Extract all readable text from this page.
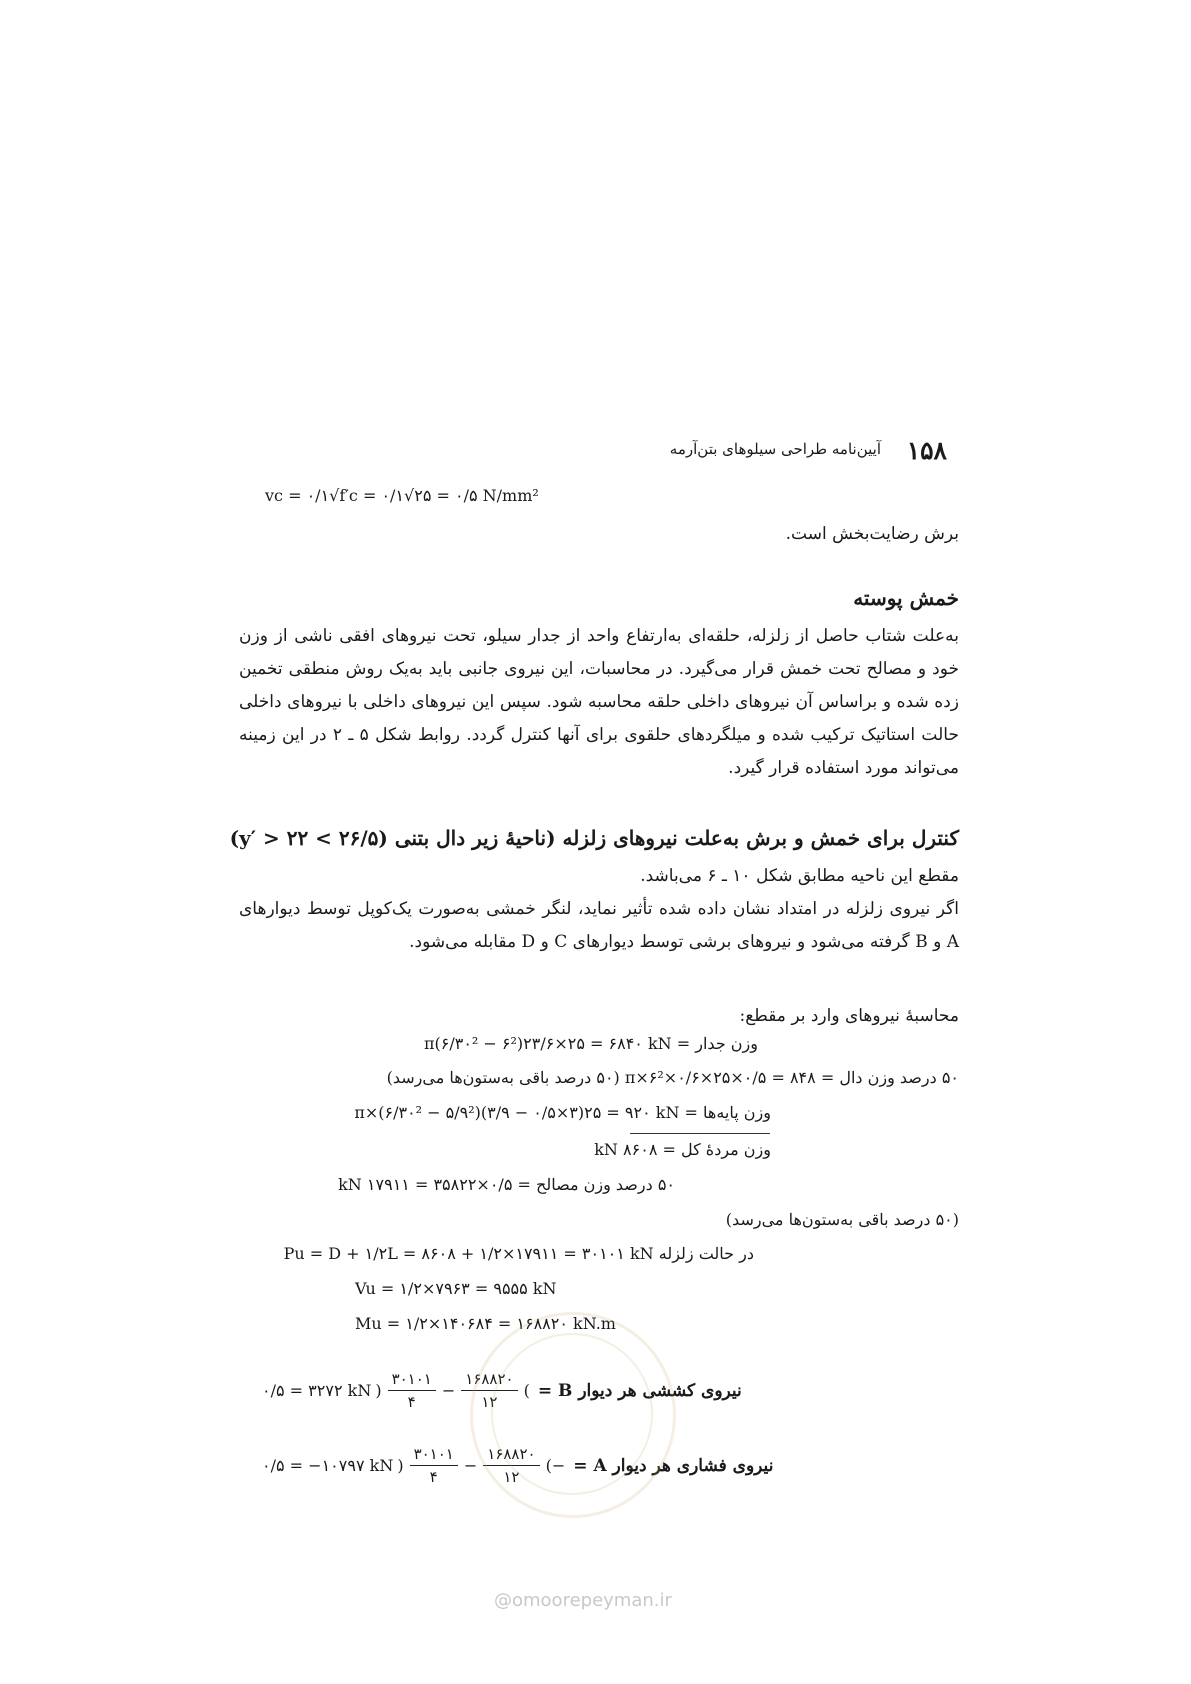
۱۵۸
آیین‌نامه طراحی سیلوهای بتن‌آرمه
vc = ۰/۱√f′c = ۰/۱√۲۵ = ۰/۵ N/mm²
برش رضایت‌بخش است.
خمش پوسته
به‌علت شتاب حاصل از زلزله، حلقه‌ای به‌ارتفاع واحد از جدار سیلو، تحت نیروهای افقی ناشی از وزن خود و مصالح تحت خمش قرار می‌گیرد. در محاسبات، این نیروی جانبی باید به‌یک روش منطقی تخمین زده شده و براساس آن نیروهای داخلی حلقه محاسبه شود. سپس این نیروهای داخلی با نیروهای داخلی حالت استاتیک ترکیب شده و میلگردهای حلقوی برای آنها کنترل گردد. روابط شکل ۵ ـ ۲ در این زمینه می‌تواند مورد استفاده قرار گیرد.
کنترل برای خمش و برش به‌علت نیروهای زلزله (ناحیهٔ زیر دال بتنی (۲۶/۵ > y′ > ۲۲)
مقطع این ناحیه مطابق شکل ۱۰ ـ ۶ می‌باشد.
اگر نیروی زلزله در امتداد نشان داده شده تأثیر نماید، لنگر خمشی به‌صورت یک‌کوپل توسط دیوارهای A و B گرفته می‌شود و نیروهای برشی توسط دیوارهای C و D مقابله می‌شود.
محاسبهٔ نیروهای وارد بر مقطع:
وزن جدار = π(۶/۳۰² − ۶²)۲۳/۶×۲۵ = ۶۸۴۰ kN
۵۰ درصد وزن دال = π×۶²×۰/۶×۲۵×۰/۵ = ۸۴۸ (۵۰ درصد باقی به‌ستون‌ها می‌رسد)
وزن پایه‌ها = π×(۶/۳۰² − ۵/۹²)(۳/۹ − ۰/۵×۳)۲۵ = ۹۲۰ kN
وزن مردهٔ کل = ۸۶۰۸ kN
۵۰ درصد وزن مصالح = ۰/۵×۳۵۸۲۲ = ۱۷۹۱۱ kN
(۵۰ درصد باقی به‌ستون‌ها می‌رسد)
در حالت زلزله Pu = D + ۱/۲L = ۸۶۰۸ + ۱/۲×۱۷۹۱۱ = ۳۰۱۰۱ kN
Vu = ۱/۲×۷۹۶۳ = ۹۵۵۵ kN
Mu = ۱/۲×۱۴۰۶۸۴ = ۱۶۸۸۲۰ kN.m
۰/۵ = ۳۲۷۲ kN ) $\frac{۳۰۱۰۱}{۴} - \frac{۱۶۸۸۲۰}{۱۲}$ ( نیروی کششی هر دیوار B =
۰/۵ = −۱۰۷۹۷ kN ) $\frac{۳۰۱۰۱}{۴} - \frac{۱۶۸۸۲۰}{۱۲}$ (− نیروی فشاری هر دیوار A =
@omoorepeyman.ir
